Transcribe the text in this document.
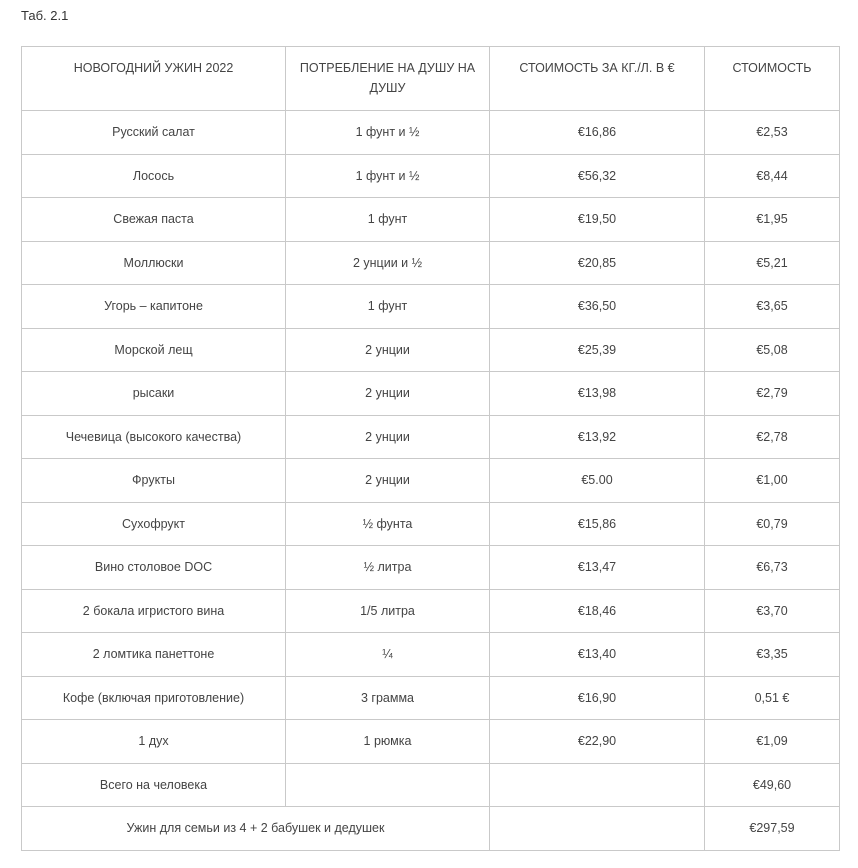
Таб. 2.1
НОВОГОДНИЙ УЖИН 2022	ПОТРЕБЛЕНИЕ НА ДУШУ НА ДУШУ	СТОИМОСТЬ ЗА КГ./Л. В €	СТОИМОСТЬ
Русский салат	1 фунт и ½	€16,86	€2,53
Лосось	1 фунт и ½	€56,32	€8,44
Свежая паста	1 фунт	€19,50	€1,95
Моллюски	2 унции и ½	€20,85	€5,21
Угорь – капитоне	1 фунт	€36,50	€3,65
Морской лещ	2 унции	€25,39	€5,08
рысаки	2 унции	€13,98	€2,79
Чечевица (высокого качества)	2 унции	€13,92	€2,78
Фрукты	2 унции	€5.00	€1,00
Сухофрукт	½ фунта	€15,86	€0,79
Вино столовое DOC	½ литра	€13,47	€6,73
2 бокала игристого вина	1/5 литра	€18,46	€3,70
2 ломтика панеттоне	¼	€13,40	€3,35
Кофе (включая приготовление)	3 грамма	€16,90	0,51 €
1 дух	1 рюмка	€22,90	€1,09
Всего на человека			€49,60
Ужин для семьи из 4 + 2 бабушек и дедушек			€297,59
